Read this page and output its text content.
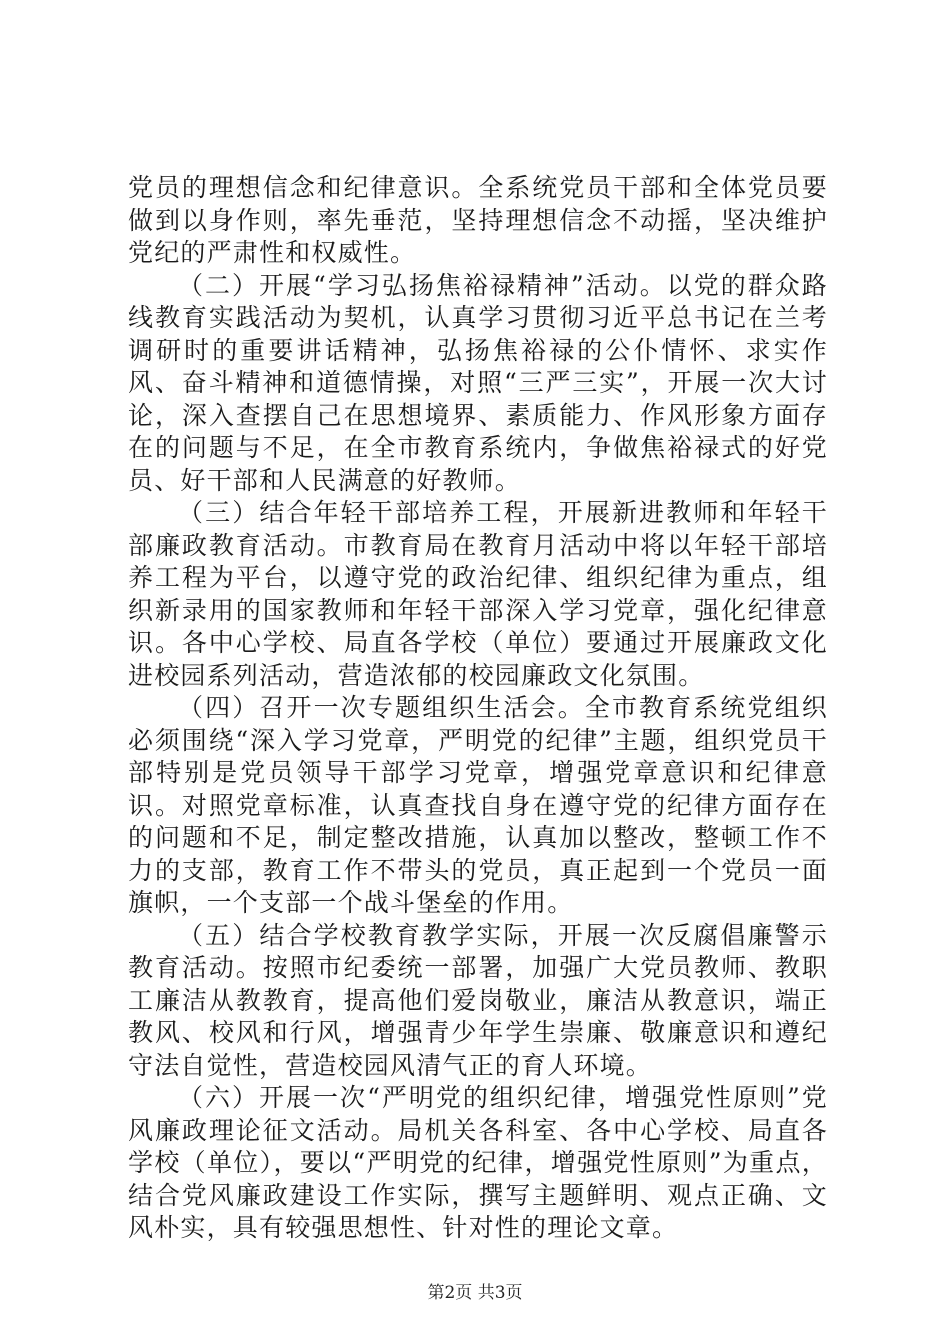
党员的理想信念和纪律意识。全系统党员干部和全体党员要做到以身作则，率先垂范，坚持理想信念不动摇，坚决维护党纪的严肃性和权威性。

（二）开展“学习弘扬焦裕禄精神”活动。以党的群众路线教育实践活动为契机，认真学习贯彻习近平总书记在兰考调研时的重要讲话精神，弘扬焦裕禄的公仆情怀、求实作风、奋斗精神和道德情操，对照“三严三实”，开展一次大讨论，深入查摆自己在思想境界、素质能力、作风形象方面存在的问题与不足，在全市教育系统内，争做焦裕禄式的好党员、好干部和人民满意的好教师。

（三）结合年轻干部培养工程，开展新进教师和年轻干部廉政教育活动。市教育局在教育月活动中将以年轻干部培养工程为平台，以遵守党的政治纪律、组织纪律为重点，组织新录用的国家教师和年轻干部深入学习党章，强化纪律意识。各中心学校、局直各学校（单位）要通过开展廉政文化进校园系列活动，营造浓郁的校园廉政文化氛围。

（四）召开一次专题组织生活会。全市教育系统党组织必须围绕“深入学习党章，严明党的纪律”主题，组织党员干部特别是党员领导干部学习党章，增强党章意识和纪律意识。对照党章标准，认真查找自身在遵守党的纪律方面存在的问题和不足，制定整改措施，认真加以整改，整顿工作不力的支部，教育工作不带头的党员，真正起到一个党员一面旗帜，一个支部一个战斗堡垒的作用。

（五）结合学校教育教学实际，开展一次反腐倡廉警示教育活动。按照市纪委统一部署，加强广大党员教师、教职工廉洁从教教育，提高他们爱岗敬业，廉洁从教意识，端正教风、校风和行风，增强青少年学生崇廉、敬廉意识和遵纪守法自觉性，营造校园风清气正的育人环境。

（六）开展一次“严明党的组织纪律，增强党性原则”党风廉政理论征文活动。局机关各科室、各中心学校、局直各学校（单位），要以“严明党的纪律，增强党性原则”为重点，结合党风廉政建设工作实际，撰写主题鲜明、观点正确、文风朴实，具有较强思想性、针对性的理论文章。

第2页 共3页
